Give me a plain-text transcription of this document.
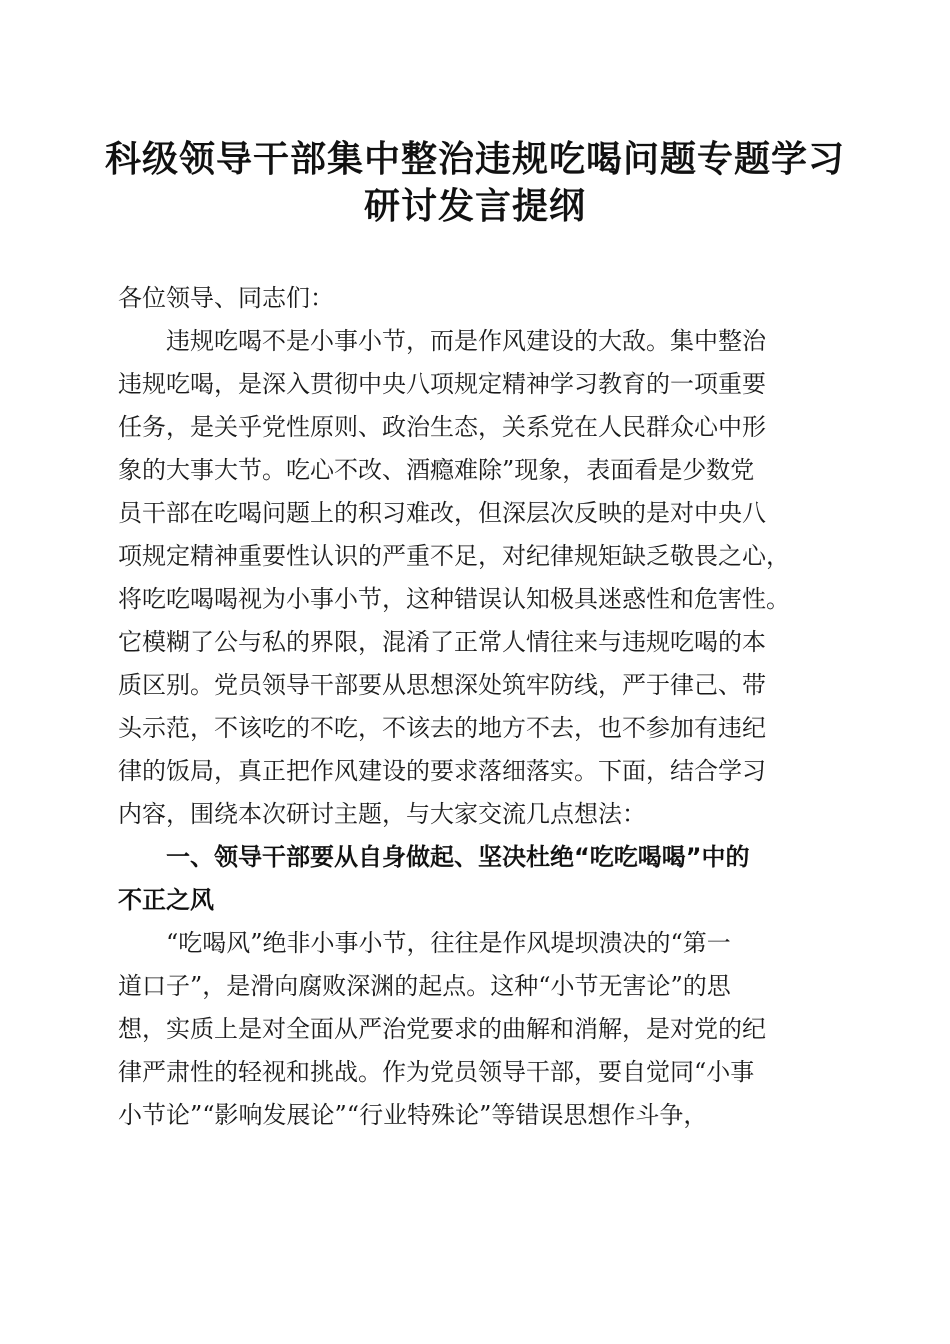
科级领导干部集中整治违规吃喝问题专题学习
研讨发言提纲

各位领导、同志们：

违规吃喝不是小事小节，而是作风建设的大敌。集中整治

违规吃喝，是深入贯彻中央八项规定精神学习教育的一项重要

任务，是关乎党性原则、政治生态，关系党在人民群众心中形

象的大事大节。吃心不改、酒瘾难除”现象，表面看是少数党

员干部在吃喝问题上的积习难改，但深层次反映的是对中央八

项规定精神重要性认识的严重不足，对纪律规矩缺乏敬畏之心，

将吃吃喝喝视为小事小节，这种错误认知极具迷惑性和危害性。

它模糊了公与私的界限，混淆了正常人情往来与违规吃喝的本

质区别。党员领导干部要从思想深处筑牢防线，严于律己、带

头示范，不该吃的不吃，不该去的地方不去，也不参加有违纪

律的饭局，真正把作风建设的要求落细落实。下面，结合学习

内容，围绕本次研讨主题，与大家交流几点想法：

一、领导干部要从自身做起、坚决杜绝“吃吃喝喝”中的
不正之风

“吃喝风”绝非小事小节，往往是作风堤坝溃决的“第一

道口子”，是滑向腐败深渊的起点。这种“小节无害论”的思

想，实质上是对全面从严治党要求的曲解和消解，是对党的纪

律严肃性的轻视和挑战。作为党员领导干部，要自觉同“小事

小节论”“影响发展论”“行业特殊论”等错误思想作斗争，
